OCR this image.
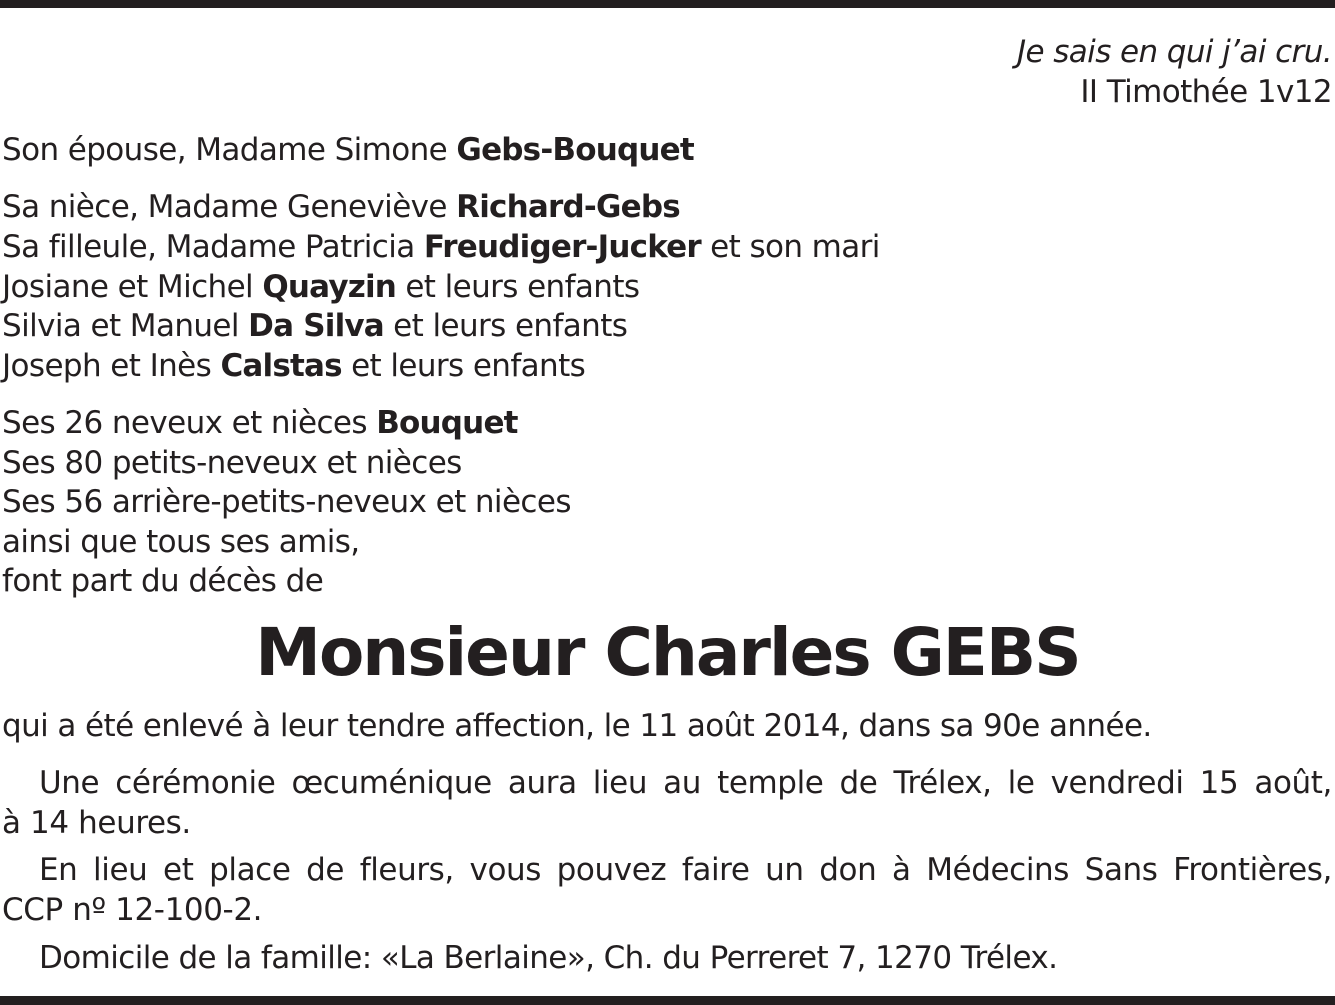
Je sais en qui j’ai cru.
II Timothée 1v12
Son épouse, Madame Simone Gebs-Bouquet
Sa nièce, Madame Geneviève Richard-Gebs
Sa filleule, Madame Patricia Freudiger-Jucker et son mari
Josiane et Michel Quayzin et leurs enfants
Silvia et Manuel Da Silva et leurs enfants
Joseph et Inès Calstas et leurs enfants
Ses 26 neveux et nièces Bouquet
Ses 80 petits-neveux et nièces
Ses 56 arrière-petits-neveux et nièces
ainsi que tous ses amis,
font part du décès de
Monsieur Charles GEBS
qui a été enlevé à leur tendre affection, le 11 août 2014, dans sa 90e année.
Une cérémonie œcuménique aura lieu au temple de Trélex, le vendredi 15 août,
à 14 heures.
En lieu et place de fleurs, vous pouvez faire un don à Médecins Sans Frontières,
CCP nº 12-100-2.
Domicile de la famille: «La Berlaine», Ch. du Perreret 7, 1270 Trélex.
